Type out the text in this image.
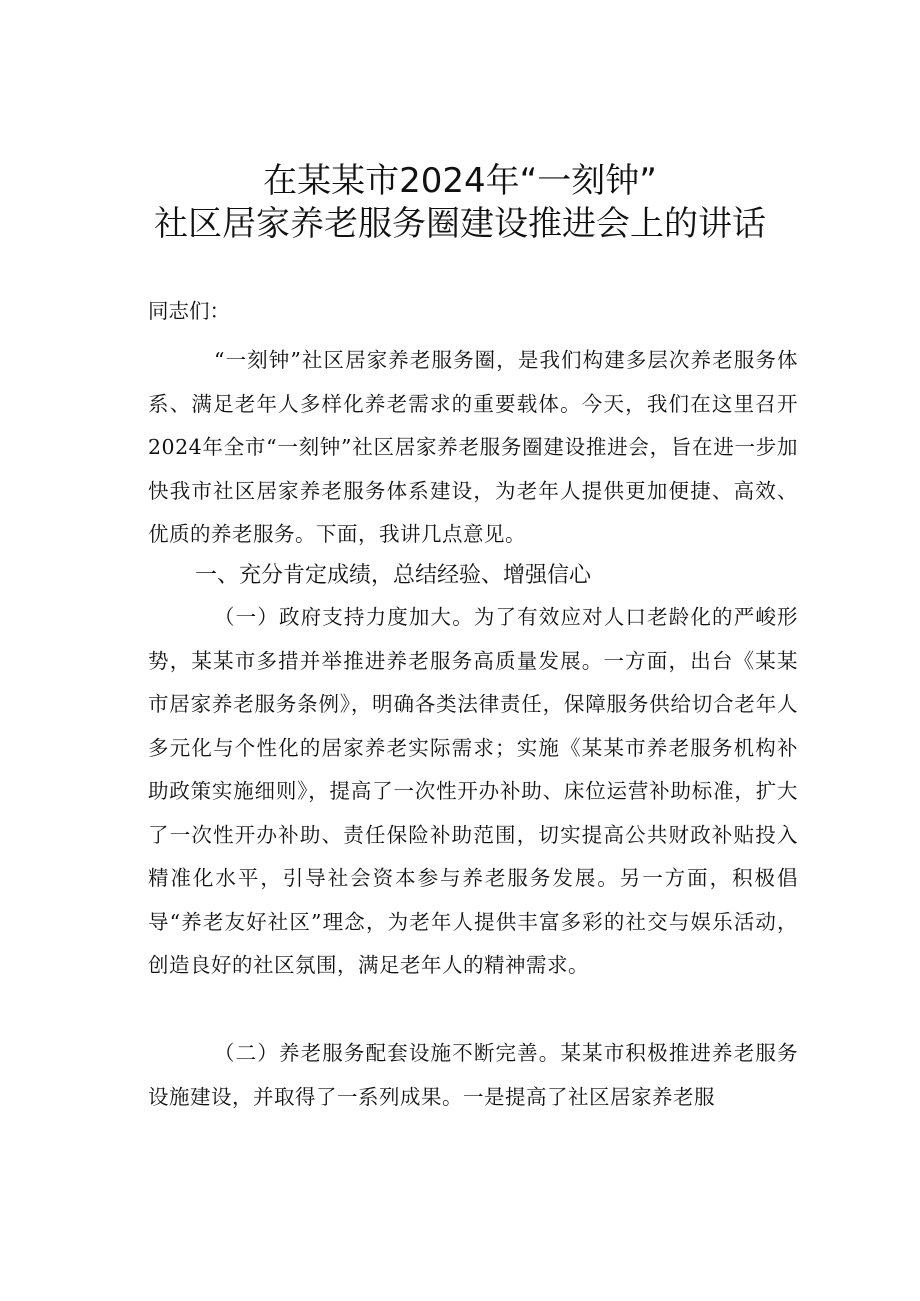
在某某市2024年“一刻钟”
社区居家养老服务圈建设推进会上的讲话
同志们：

“一刻钟”社区居家养老服务圈，是我们构建多层次养老服务体系、满足老年人多样化养老需求的重要载体。今天，我们在这里召开2024年全市“一刻钟”社区居家养老服务圈建设推进会，旨在进一步加快我市社区居家养老服务体系建设，为老年人提供更加便捷、高效、优质的养老服务。下面，我讲几点意见。

一、充分肯定成绩，总结经验、增强信心

（一）政府支持力度加大。为了有效应对人口老龄化的严峻形势，某某市多措并举推进养老服务高质量发展。一方面，出台《某某市居家养老服务条例》，明确各类法律责任，保障服务供给切合老年人多元化与个性化的居家养老实际需求；实施《某某市养老服务机构补助政策实施细则》，提高了一次性开办补助、床位运营补助标准，扩大了一次性开办补助、责任保险补助范围，切实提高公共财政补贴投入精准化水平，引导社会资本参与养老服务发展。另一方面，积极倡导“养老友好社区”理念，为老年人提供丰富多彩的社交与娱乐活动，创造良好的社区氛围，满足老年人的精神需求。

（二）养老服务配套设施不断完善。某某市积极推进养老服务设施建设，并取得了一系列成果。一是提高了社区居家养老服
